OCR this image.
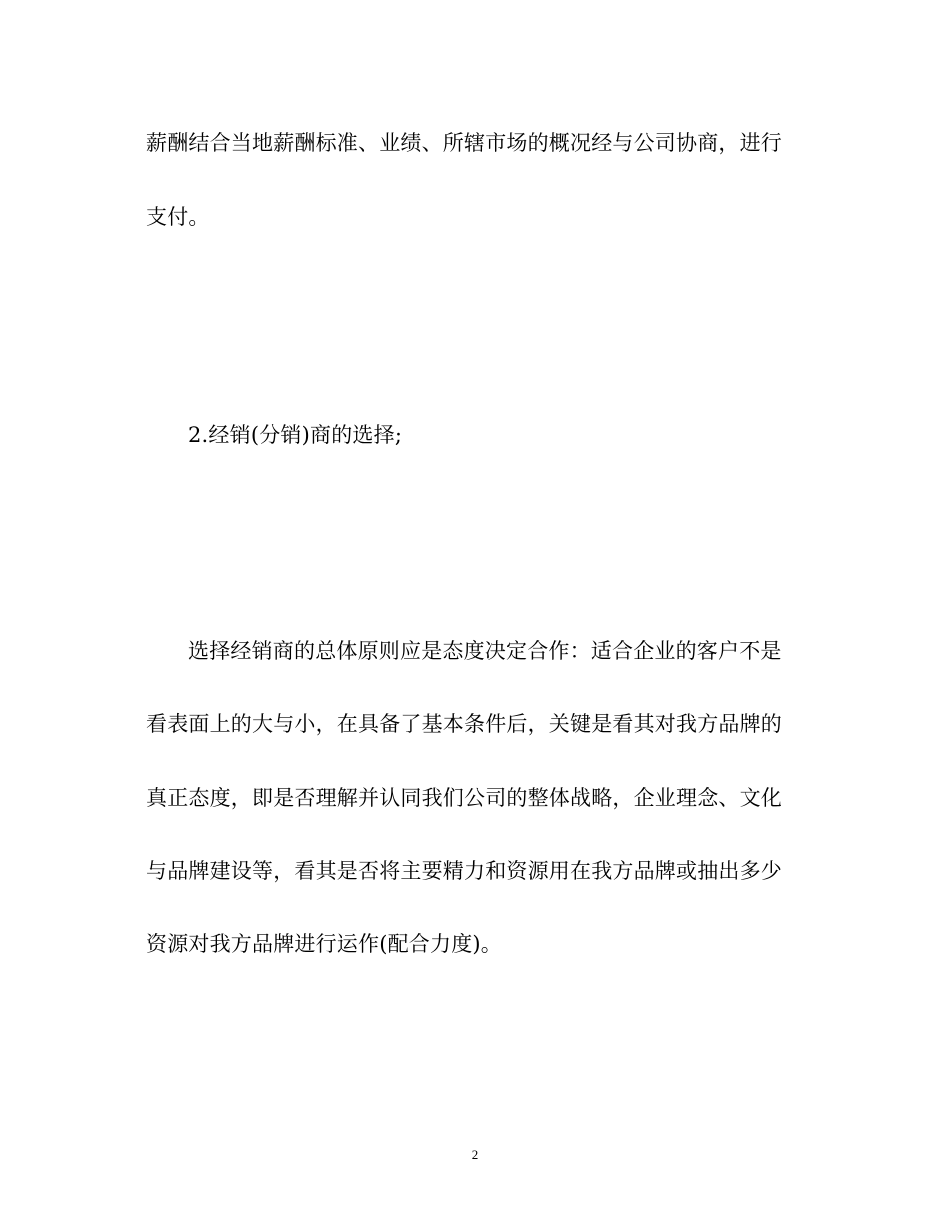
薪酬结合当地薪酬标准、业绩、所辖市场的概况经与公司协商，进行
支付。
2.经销(分销)商的选择;
选择经销商的总体原则应是态度决定合作：适合企业的客户不是
看表面上的大与小，在具备了基本条件后，关键是看其对我方品牌的
真正态度，即是否理解并认同我们公司的整体战略，企业理念、文化
与品牌建设等，看其是否将主要精力和资源用在我方品牌或抽出多少
资源对我方品牌进行运作(配合力度)。
2
